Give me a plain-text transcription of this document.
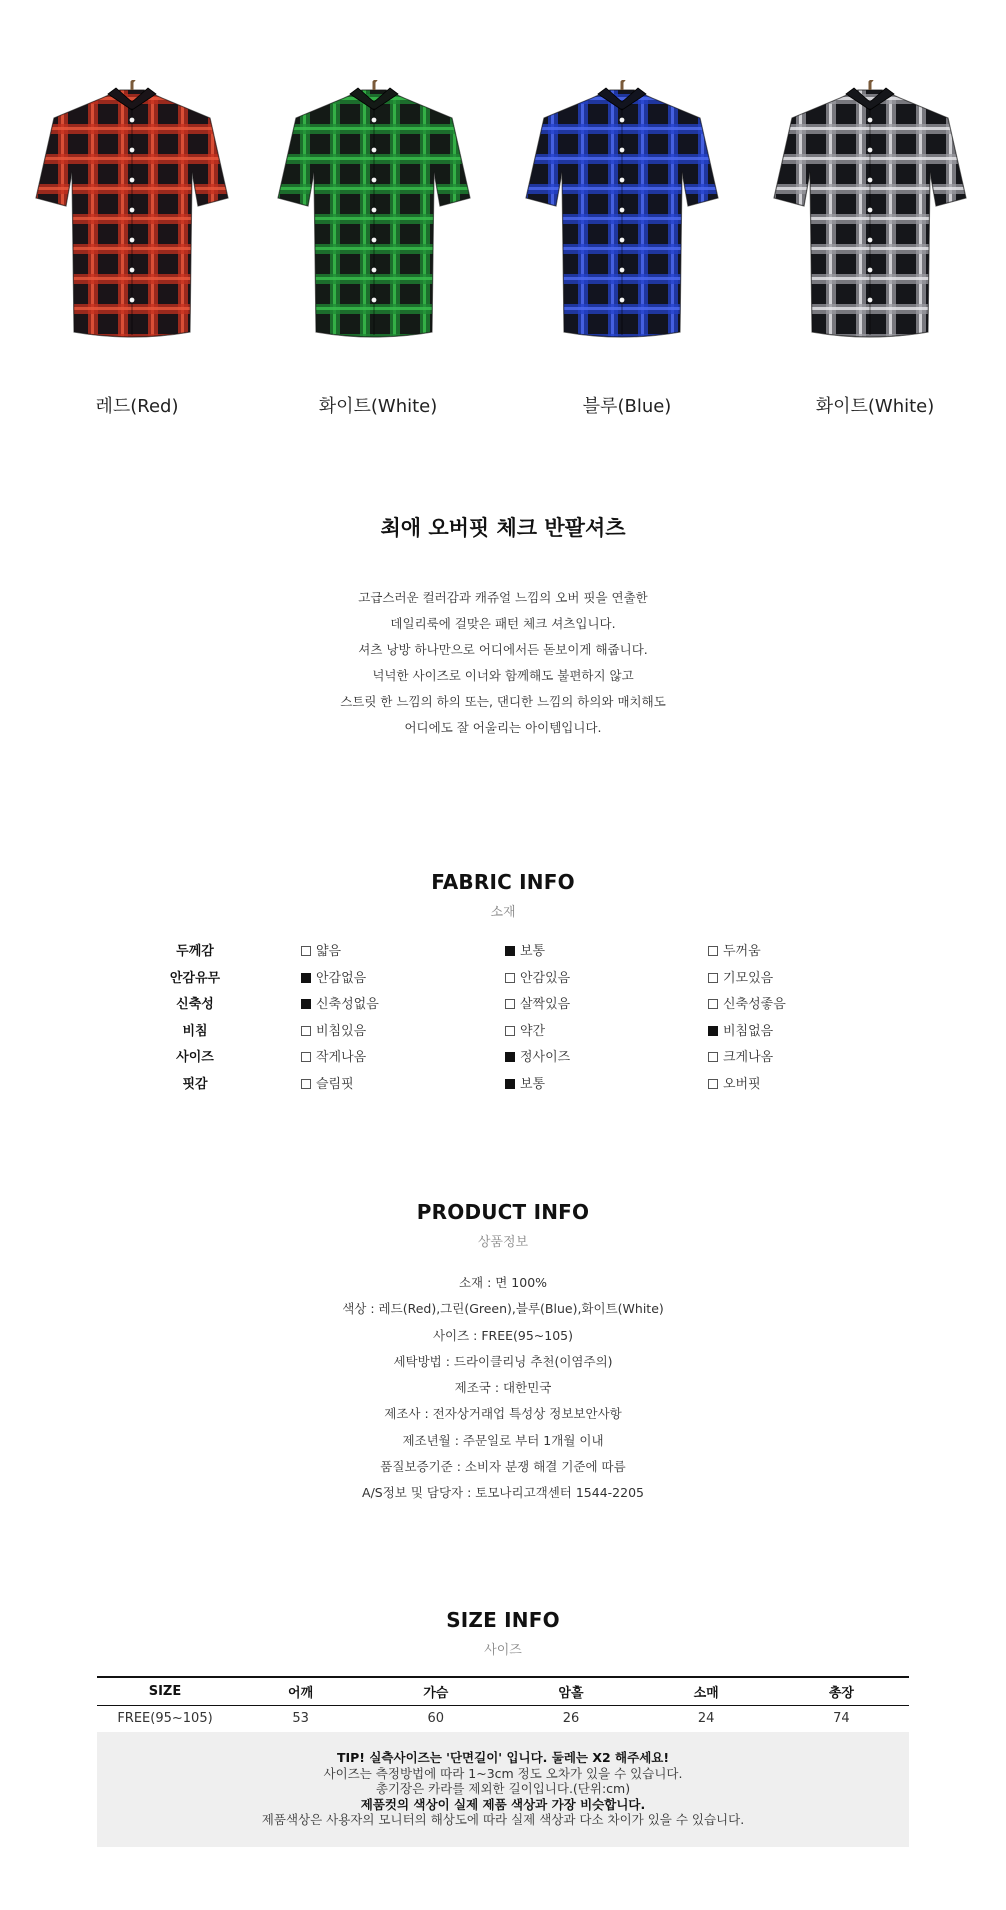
레드(Red)	화이트(White)	블루(Blue)	화이트(White)
최애 오버핏 체크 반팔셔츠
고급스러운 컬러감과 캐쥬얼 느낌의 오버 핏을 연출한
데일리룩에 걸맞은 패턴 체크 셔츠입니다.
셔츠 낭방 하나만으로 어디에서든 돋보이게 해줍니다.
넉넉한 사이즈로 이너와 함께해도 불편하지 않고
스트릿 한 느낌의 하의 또는, 댄디한 느낌의 하의와 매치해도
어디에도 잘 어울리는 아이템입니다.
FABRIC INFO
소재
두께감	얇음	보통	두꺼움
안감유무	안감없음	안감있음	기모있음
신축성	신축성없음	살짝있음	신축성좋음
비침	비침있음	약간	비침없음
사이즈	작게나옴	정사이즈	크게나옴
핏감	슬림핏	보통	오버핏
PRODUCT INFO
상품정보
소재 : 면 100%
색상 : 레드(Red),그린(Green),블루(Blue),화이트(White)
사이즈 : FREE(95~105)
세탁방법 : 드라이클리닝 추천(이염주의)
제조국 : 대한민국
제조사 : 전자상거래업 특성상 정보보안사항
제조년월 : 주문일로 부터 1개월 이내
품질보증기준 : 소비자 분쟁 해결 기준에 따름
A/S정보 및 담당자 : 토모나리고객센터 1544-2205
SIZE INFO
사이즈
SIZE	어깨	가슴	암홀	소매	총장
FREE(95~105)	53	60	26	24	74
TIP! 실측사이즈는 '단면길이' 입니다. 둘레는 X2 해주세요!
사이즈는 측정방법에 따라 1~3cm 정도 오차가 있을 수 있습니다.
총기장은 카라를 제외한 길이입니다.(단위:cm)
제품컷의 색상이 실제 제품 색상과 가장 비슷합니다.
제품색상은 사용자의 모니터의 해상도에 따라 실제 색상과 다소 차이가 있을 수 있습니다.
